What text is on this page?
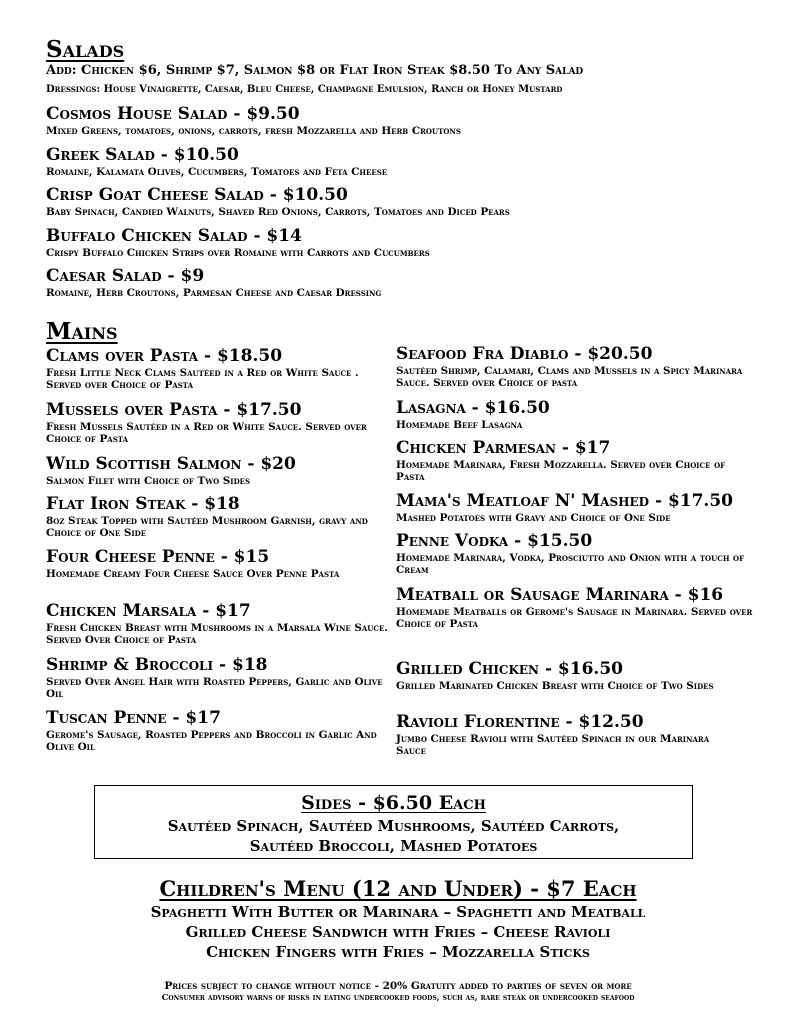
Salads
Add: Chicken $6, Shrimp $7, Salmon $8 or Flat Iron Steak $8.50 To Any Salad
Dressings: House Vinaigrette, Caesar, Bleu Cheese, Champagne Emulsion, Ranch or Honey Mustard
Cosmos House Salad - $9.50
Mixed Greens, tomatoes, onions, carrots, fresh Mozzarella and Herb Croutons
Greek Salad - $10.50
Romaine, Kalamata Olives, Cucumbers, Tomatoes and Feta Cheese
Crisp Goat Cheese Salad - $10.50
Baby Spinach, Candied Walnuts, Shaved Red Onions, Carrots, Tomatoes and Diced Pears
Buffalo Chicken Salad - $14
Crispy Buffalo Chicken Strips over Romaine with Carrots and Cucumbers
Caesar Salad - $9
Romaine, Herb Croutons, Parmesan Cheese and Caesar Dressing
Mains
Clams over Pasta - $18.50
Fresh Little Neck Clams Sautéed in a Red or White Sauce . Served over Choice of Pasta
Mussels over Pasta - $17.50
Fresh Mussels Sautéed in a Red or White Sauce. Served over Choice of Pasta
Wild Scottish Salmon - $20
Salmon Filet with Choice of Two Sides
Flat Iron Steak - $18
8oz Steak Topped with Sautéed Mushroom Garnish, gravy and Choice of One Side
Four Cheese Penne - $15
Homemade Creamy Four Cheese Sauce Over Penne Pasta
Chicken Marsala - $17
Fresh Chicken Breast with Mushrooms in a Marsala Wine Sauce. Served Over Choice of Pasta
Shrimp & Broccoli - $18
Served Over Angel Hair with Roasted Peppers, Garlic and Olive Oil
Tuscan Penne - $17
Gerome's Sausage, Roasted Peppers and Broccoli in Garlic And Olive Oil
Seafood Fra Diablo - $20.50
Sautéed Shrimp, Calamari, Clams and Mussels in a Spicy Marinara Sauce. Served over Choice of pasta
Lasagna - $16.50
Homemade Beef Lasagna
Chicken Parmesan - $17
Homemade Marinara, Fresh Mozzarella. Served over Choice of Pasta
Mama's Meatloaf N' Mashed - $17.50
Mashed Potatoes with Gravy and Choice of One Side
Penne Vodka - $15.50
Homemade Marinara, Vodka, Prosciutto and Onion with a touch of Cream
Meatball or Sausage Marinara - $16
Homemade Meatballs or Gerome's Sausage in Marinara. Served over Choice of Pasta
Grilled Chicken - $16.50
Grilled Marinated Chicken Breast with Choice of Two Sides
Ravioli Florentine - $12.50
Jumbo Cheese Ravioli with Sautéed Spinach in our Marinara Sauce
Sides - $6.50 Each
Sautéed Spinach, Sautéed Mushrooms, Sautéed Carrots,
Sautéed Broccoli, Mashed Potatoes
Children's Menu (12 and Under) - $7 Each
Spaghetti With Butter or Marinara – Spaghetti and Meatball
Grilled Cheese Sandwich with Fries – Cheese Ravioli
Chicken Fingers with Fries – Mozzarella Sticks
Prices subject to change without notice - 20% Gratuity added to parties of seven or more
Consumer advisory warns of risks in eating undercooked foods, such as, rare steak or undercooked seafood
